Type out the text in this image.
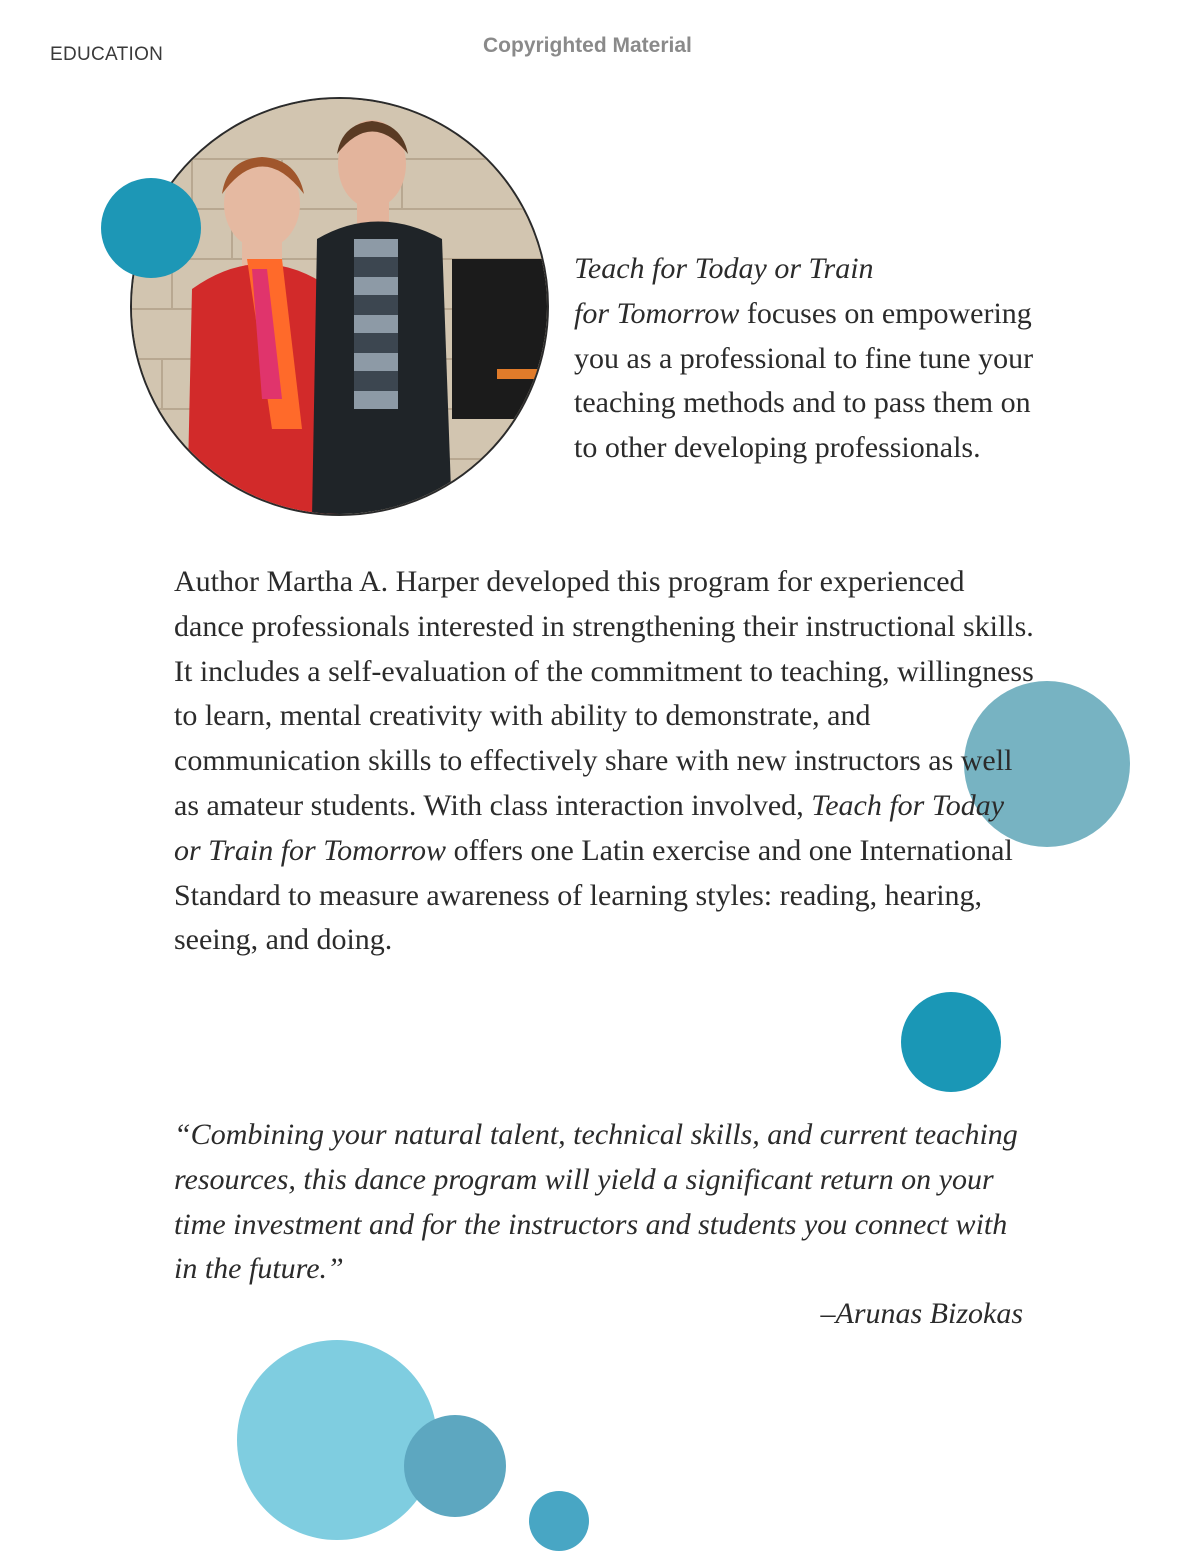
EDUCATION	Copyrighted Material

Teach for Today or Train
for Tomorrow focuses on empowering you as a professional to fine tune your teaching methods and to pass them on to other developing professionals.

Author Martha A. Harper developed this program for experienced dance professionals interested in strengthening their instructional skills. It includes a self-evaluation of the commitment to teaching, willingness to learn, mental creativity with ability to demonstrate, and communication skills to effectively share with new instructors as well as amateur students. With class interaction involved, Teach for Today or Train for Tomorrow offers one Latin exercise and one International Standard to measure awareness of learning styles: reading, hearing, seeing, and doing.

“Combining your natural talent, technical skills, and current teaching resources, this dance program will yield a significant return on your time investment and for the instructors and students you connect with in the future.”

–Arunas Bizokas
